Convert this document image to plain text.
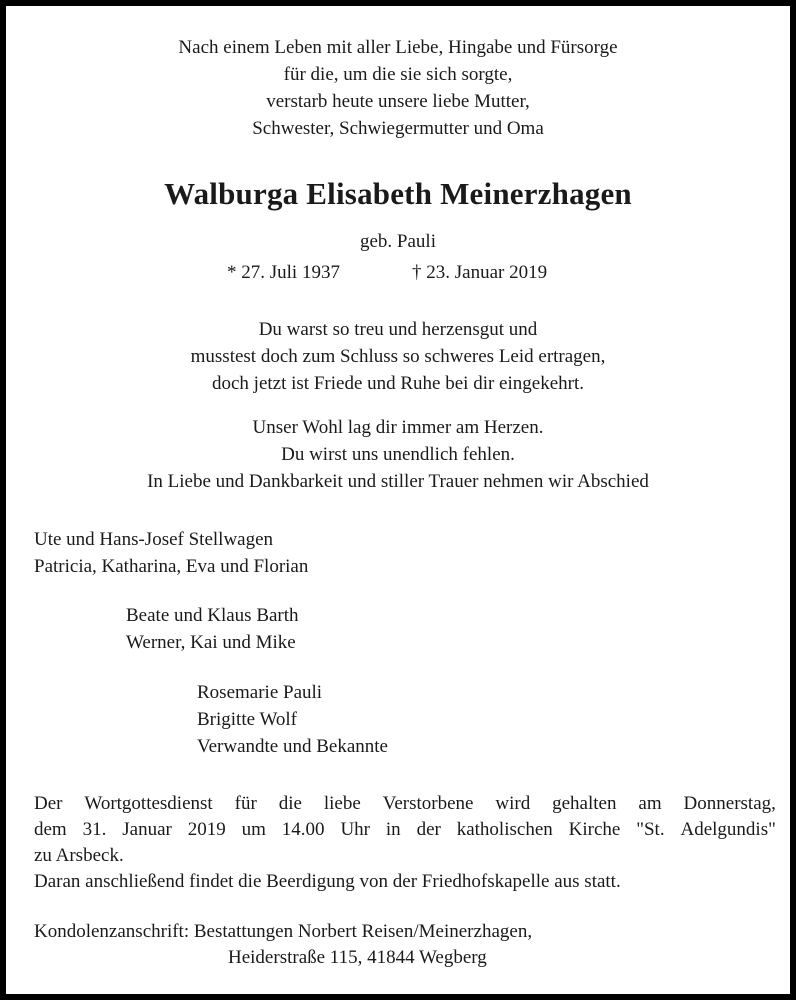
Nach einem Leben mit aller Liebe, Hingabe und Fürsorge

für die, um die sie sich sorgte,

verstarb heute unsere liebe Mutter,

Schwester, Schwiegermutter und Oma

Walburga Elisabeth Meinerzhagen

geb. Pauli

* 27. Juli 1937	† 23. Januar 2019

Du warst so treu und herzensgut und

musstest doch zum Schluss so schweres Leid ertragen,

doch jetzt ist Friede und Ruhe bei dir eingekehrt.

Unser Wohl lag dir immer am Herzen.

Du wirst uns unendlich fehlen.

In Liebe und Dankbarkeit und stiller Trauer nehmen wir Abschied

Ute und Hans-Josef Stellwagen

Patricia, Katharina, Eva und Florian

Beate und Klaus Barth

Werner, Kai und Mike

Rosemarie Pauli

Brigitte Wolf

Verwandte und Bekannte

Der Wortgottesdienst für die liebe Verstorbene wird gehalten am Donnerstag,
dem 31. Januar 2019 um 14.00 Uhr in der katholischen Kirche "St. Adelgundis"

zu Arsbeck.

Daran anschließend findet die Beerdigung von der Friedhofskapelle aus statt.

Kondolenzanschrift: Bestattungen Norbert Reisen/Meinerzhagen,

Heiderstraße 115, 41844 Wegberg
